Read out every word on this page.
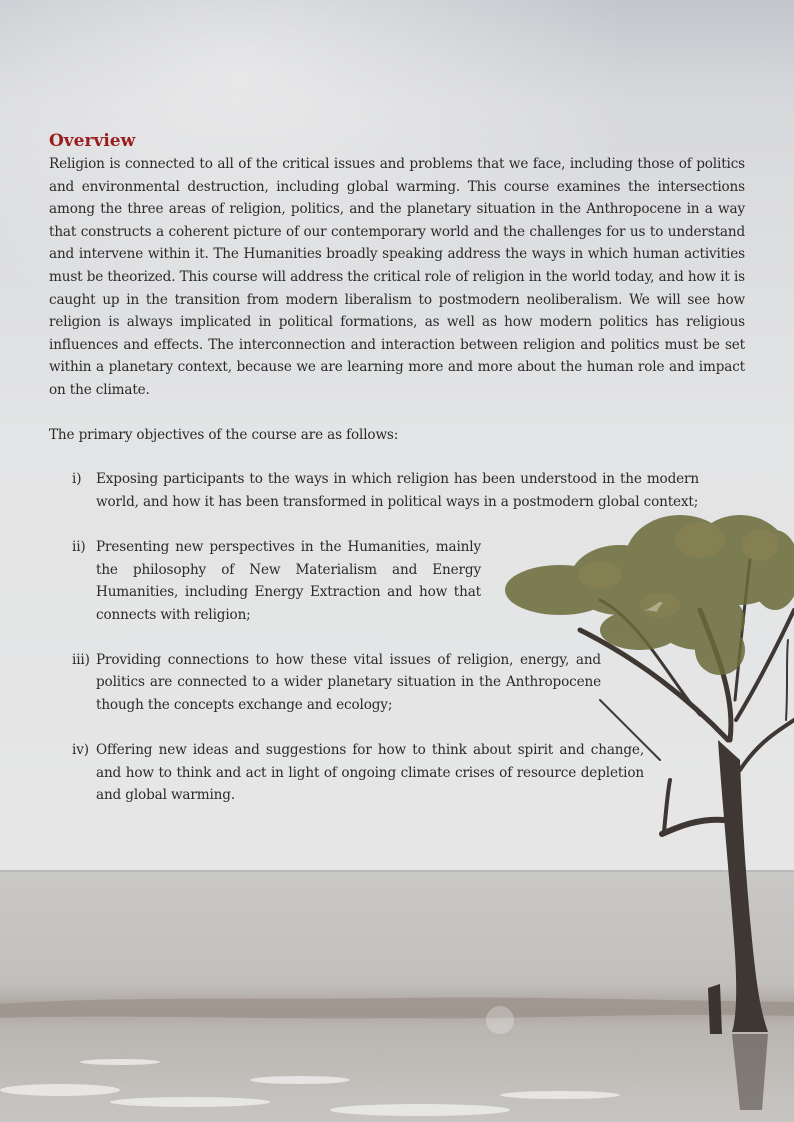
Overview

Religion is connected to all of the critical issues and problems that we face, including those of politics and environmental destruction, including global warming. This course examines the intersections among the three areas of religion, politics, and the planetary situation in the Anthropocene in a way that constructs a coherent picture of our contemporary world and the challenges for us to understand and intervene within it. The Humanities broadly speaking address the ways in which human activities must be theorized. This course will address the critical role of religion in the world today, and how it is caught up in the transition from modern liberalism to postmodern neoliberalism. We will see how religion is always implicated in political formations, as well as how modern politics has religious influences and effects. The interconnection and interaction between religion and politics must be set within a planetary context, because we are learning more and more about the human role and impact on the climate.

The primary objectives of the course are as follows:

i) Exposing participants to the ways in which religion has been understood in the modern world, and how it has been transformed in political ways in a postmodern global context;
ii) Presenting new perspectives in the Humanities, mainly the philosophy of New Materialism and Energy Humanities, including Energy Extraction and how that connects with religion;
iii) Providing connections to how these vital issues of religion, energy, and politics are connected to a wider planetary situation in the Anthropocene though the concepts exchange and ecology;
iv) Offering new ideas and suggestions for how to think about spirit and change, and how to think and act in light of ongoing climate crises of resource depletion and global warming.
